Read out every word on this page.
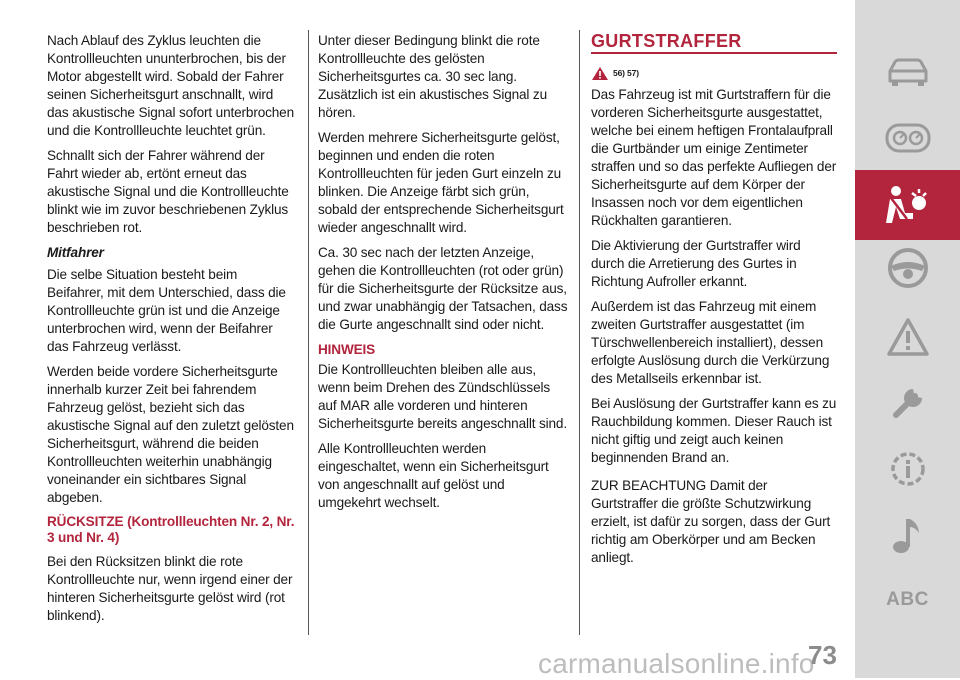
Nach Ablauf des Zyklus leuchten die Kontrollleuchten ununterbrochen, bis der Motor abgestellt wird. Sobald der Fahrer seinen Sicherheitsgurt anschnallt, wird das akustische Signal sofort unterbrochen und die Kontrollleuchte leuchtet grün.

Schnallt sich der Fahrer während der Fahrt wieder ab, ertönt erneut das akustische Signal und die Kontrollleuchte blinkt wie im zuvor beschriebenen Zyklus beschrieben rot.

Mitfahrer

Die selbe Situation besteht beim Beifahrer, mit dem Unterschied, dass die Kontrollleuchte grün ist und die Anzeige unterbrochen wird, wenn der Beifahrer das Fahrzeug verlässt.

Werden beide vordere Sicherheitsgurte innerhalb kurzer Zeit bei fahrendem Fahrzeug gelöst, bezieht sich das akustische Signal auf den zuletzt gelösten Sicherheitsgurt, während die beiden Kontrollleuchten weiterhin unabhängig voneinander ein sichtbares Signal abgeben.

RÜCKSITZE (Kontrollleuchten Nr. 2, Nr. 3 und Nr. 4)

Bei den Rücksitzen blinkt die rote Kontrollleuchte nur, wenn irgend einer der hinteren Sicherheitsgurte gelöst wird (rot blinkend).

Unter dieser Bedingung blinkt die rote Kontrollleuchte des gelösten Sicherheitsgurtes ca. 30 sec lang. Zusätzlich ist ein akustisches Signal zu hören.

Werden mehrere Sicherheitsgurte gelöst, beginnen und enden die roten Kontrollleuchten für jeden Gurt einzeln zu blinken. Die Anzeige färbt sich grün, sobald der entsprechende Sicherheitsgurt wieder angeschnallt wird.

Ca. 30 sec nach der letzten Anzeige, gehen die Kontrollleuchten (rot oder grün) für die Sicherheitsgurte der Rücksitze aus, und zwar unabhängig der Tatsachen, dass die Gurte angeschnallt sind oder nicht.

HINWEIS

Die Kontrollleuchten bleiben alle aus, wenn beim Drehen des Zündschlüssels auf MAR alle vorderen und hinteren Sicherheitsgurte bereits angeschnallt sind.

Alle Kontrollleuchten werden eingeschaltet, wenn ein Sicherheitsgurt von angeschnallt auf gelöst und umgekehrt wechselt.

GURTSTRAFFER
56) 57)

Das Fahrzeug ist mit Gurtstraffern für die vorderen Sicherheitsgurte ausgestattet, welche bei einem heftigen Frontalaufprall die Gurtbänder um einige Zentimeter straffen und so das perfekte Aufliegen der Sicherheitsgurte auf dem Körper der Insassen noch vor dem eigentlichen Rückhalten garantieren.

Die Aktivierung der Gurtstraffer wird durch die Arretierung des Gurtes in Richtung Aufroller erkannt.

Außerdem ist das Fahrzeug mit einem zweiten Gurtstraffer ausgestattet (im Türschwellenbereich installiert), dessen erfolgte Auslösung durch die Verkürzung des Metallseils erkennbar ist.

Bei Auslösung der Gurtstraffer kann es zu Rauchbildung kommen. Dieser Rauch ist nicht giftig und zeigt auch keinen beginnenden Brand an.

ZUR BEACHTUNG Damit der Gurtstraffer die größte Schutzwirkung erzielt, ist dafür zu sorgen, dass der Gurt richtig am Oberkörper und am Becken anliegt.

ABC
carmanualsonline.info
73
